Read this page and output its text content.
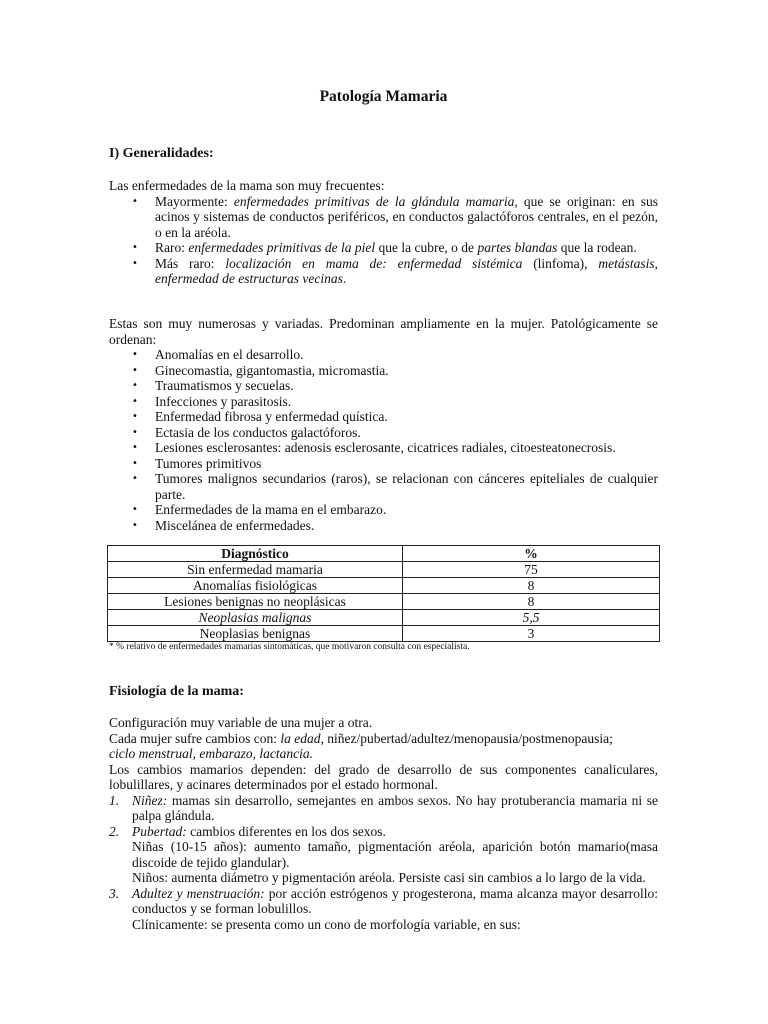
Patología Mamaria

I) Generalidades:

Las enfermedades de la mama son muy frecuentes:

• Mayormente: enfermedades primitivas de la glándula mamaria, que se originan: en sus acinos y sistemas de conductos periféricos, en conductos galactóforos centrales, en el pezón, o en la aréola.
• Raro: enfermedades primitivas de la piel que la cubre, o de partes blandas que la rodean.
• Más raro: localización en mama de: enfermedad sistémica (linfoma), metástasis, enfermedad de estructuras vecinas.

Estas son muy numerosas y variadas. Predominan ampliamente en la mujer. Patológicamente se ordenan:

• Anomalías en el desarrollo.
• Ginecomastia, gigantomastia, micromastia.
• Traumatismos y secuelas.
• Infecciones y parasitosis.
• Enfermedad fibrosa y enfermedad quística.
• Ectasia de los conductos galactóforos.
• Lesiones esclerosantes: adenosis esclerosante, cicatrices radiales, citoesteatonecrosis.
• Tumores primitivos
• Tumores malignos secundarios (raros), se relacionan con cánceres epiteliales de cualquier parte.
• Enfermedades de la mama en el embarazo.
• Miscelánea de enfermedades.
Diagnóstico	%
Sin enfermedad mamaria	75
Anomalías fisiológicas	8
Lesiones benignas no neoplásicas	8
Neoplasias malignas	5,5
Neoplasias benignas	3

* % relativo de enfermedades mamarias sintomáticas, que motivaron consulta con especialista.

Fisiología de la mama:

Configuración muy variable de una mujer a otra.

Cada mujer sufre cambios con: la edad, niñez/pubertad/adultez/menopausia/postmenopausia;

ciclo menstrual, embarazo, lactancia.

Los cambios mamarios dependen: del grado de desarrollo de sus componentes canaliculares, lobulillares, y acinares determinados por el estado hormonal.

1. Niñez: mamas sin desarrollo, semejantes en ambos sexos. No hay protuberancia mamaria ni se palpa glándula.
2. Pubertad: cambios diferentes en los dos sexos.

Niñas (10-15 años): aumento tamaño, pigmentación aréola, aparición botón mamario(masa discoide de tejido glandular).

Niños: aumenta diámetro y pigmentación aréola. Persiste casi sin cambios a lo largo de la vida.

3. Adultez y menstruación: por acción estrógenos y progesterona, mama alcanza mayor desarrollo: conductos y se forman lobulillos.

Clínicamente: se presenta como un cono de morfología variable, en sus:
